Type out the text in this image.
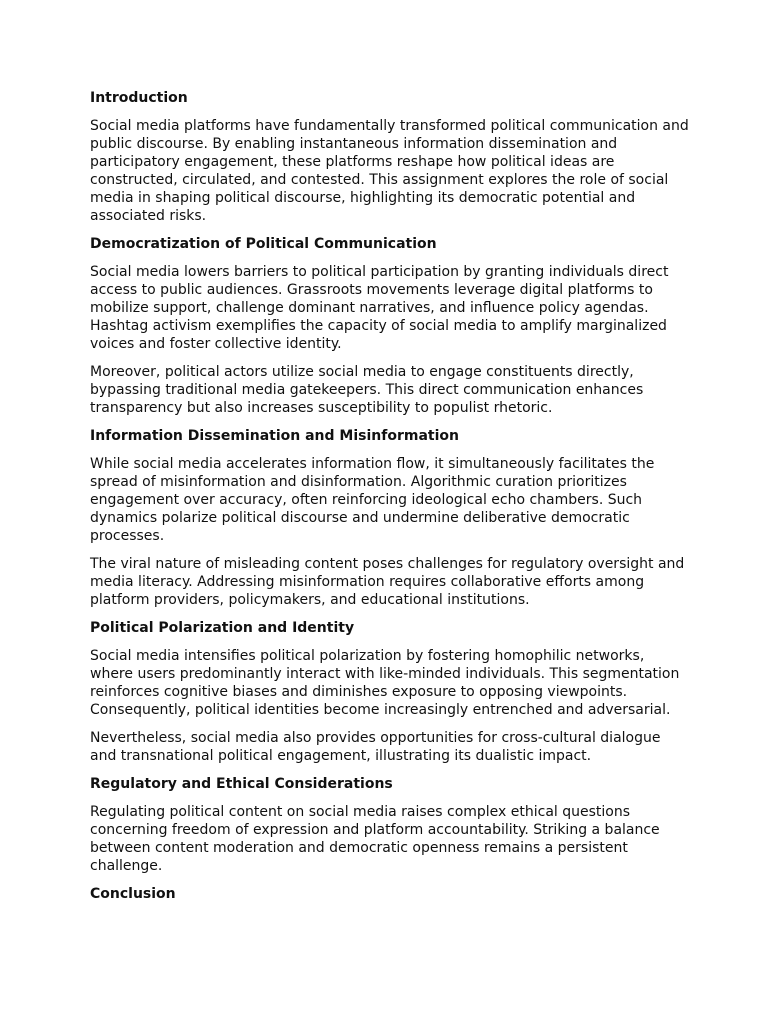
Introduction
Social media platforms have fundamentally transformed political communication and public discourse. By enabling instantaneous information dissemination and participatory engagement, these platforms reshape how political ideas are constructed, circulated, and contested. This assignment explores the role of social media in shaping political discourse, highlighting its democratic potential and associated risks.
Democratization of Political Communication
Social media lowers barriers to political participation by granting individuals direct access to public audiences. Grassroots movements leverage digital platforms to mobilize support, challenge dominant narratives, and influence policy agendas. Hashtag activism exemplifies the capacity of social media to amplify marginalized voices and foster collective identity.
Moreover, political actors utilize social media to engage constituents directly, bypassing traditional media gatekeepers. This direct communication enhances transparency but also increases susceptibility to populist rhetoric.
Information Dissemination and Misinformation
While social media accelerates information flow, it simultaneously facilitates the spread of misinformation and disinformation. Algorithmic curation prioritizes engagement over accuracy, often reinforcing ideological echo chambers. Such dynamics polarize political discourse and undermine deliberative democratic processes.
The viral nature of misleading content poses challenges for regulatory oversight and media literacy. Addressing misinformation requires collaborative efforts among platform providers, policymakers, and educational institutions.
Political Polarization and Identity
Social media intensifies political polarization by fostering homophilic networks, where users predominantly interact with like-minded individuals. This segmentation reinforces cognitive biases and diminishes exposure to opposing viewpoints. Consequently, political identities become increasingly entrenched and adversarial.
Nevertheless, social media also provides opportunities for cross-cultural dialogue and transnational political engagement, illustrating its dualistic impact.
Regulatory and Ethical Considerations
Regulating political content on social media raises complex ethical questions concerning freedom of expression and platform accountability. Striking a balance between content moderation and democratic openness remains a persistent challenge.
Conclusion
